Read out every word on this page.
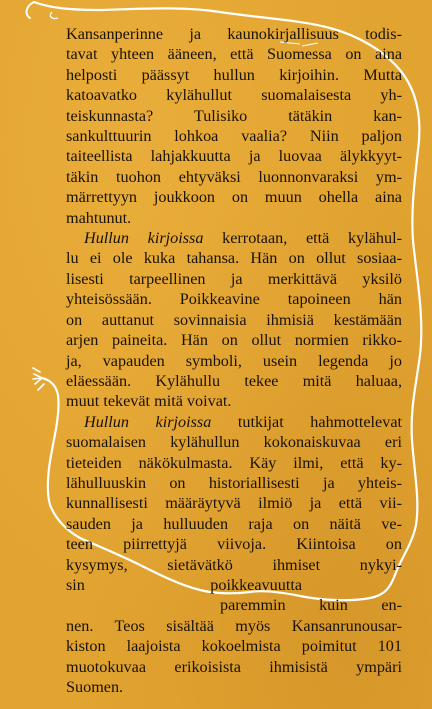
Kansanperinne ja kaunokirjallisuus todis-
tavat yhteen ääneen, että Suomessa on aina
helposti päässyt hullun kirjoihin. Mutta
katoavatko kylähullut suomalaisesta yh-
teiskunnasta? Tulisiko tätäkin kan-
sankulttuurin lohkoa vaalia? Niin paljon
taiteellista lahjakkuutta ja luovaa älykkyyt-
täkin tuohon ehtyväksi luonnonvaraksi ym-
märrettyyn joukkoon on muun ohella aina
mahtunut.

Hullun kirjoissa kerrotaan, että kylähul-
lu ei ole kuka tahansa. Hän on ollut sosiaa-
lisesti tarpeellinen ja merkittävä yksilö
yhteisössään. Poikkeavine tapoineen hän
on auttanut sovinnaisia ihmisiä kestämään
arjen paineita. Hän on ollut normien rikko-
ja, vapauden symboli, usein legenda jo
eläessään. Kylähullu tekee mitä haluaa,
muut tekevät mitä voivat.

Hullun kirjoissa tutkijat hahmottelevat
suomalaisen kylähullun kokonaiskuvaa eri
tieteiden näkökulmasta. Käy ilmi, että ky-
lähulluuskin on historiallisesti ja yhteis-
kunnallisesti määräytyvä ilmiö ja että vii-
sauden ja hulluuden raja on näitä ve-
teen piirrettyjä viivoja. Kiintoisa on
kysymys, sietävätkö ihmiset nykyi-
sin poikkeavuutta
paremmin kuin en-
nen. Teos sisältää myös Kansanrunousar-
kiston laajoista kokoelmista poimitut 101
muotokuvaa erikoisista ihmisistä ympäri
Suomen.
